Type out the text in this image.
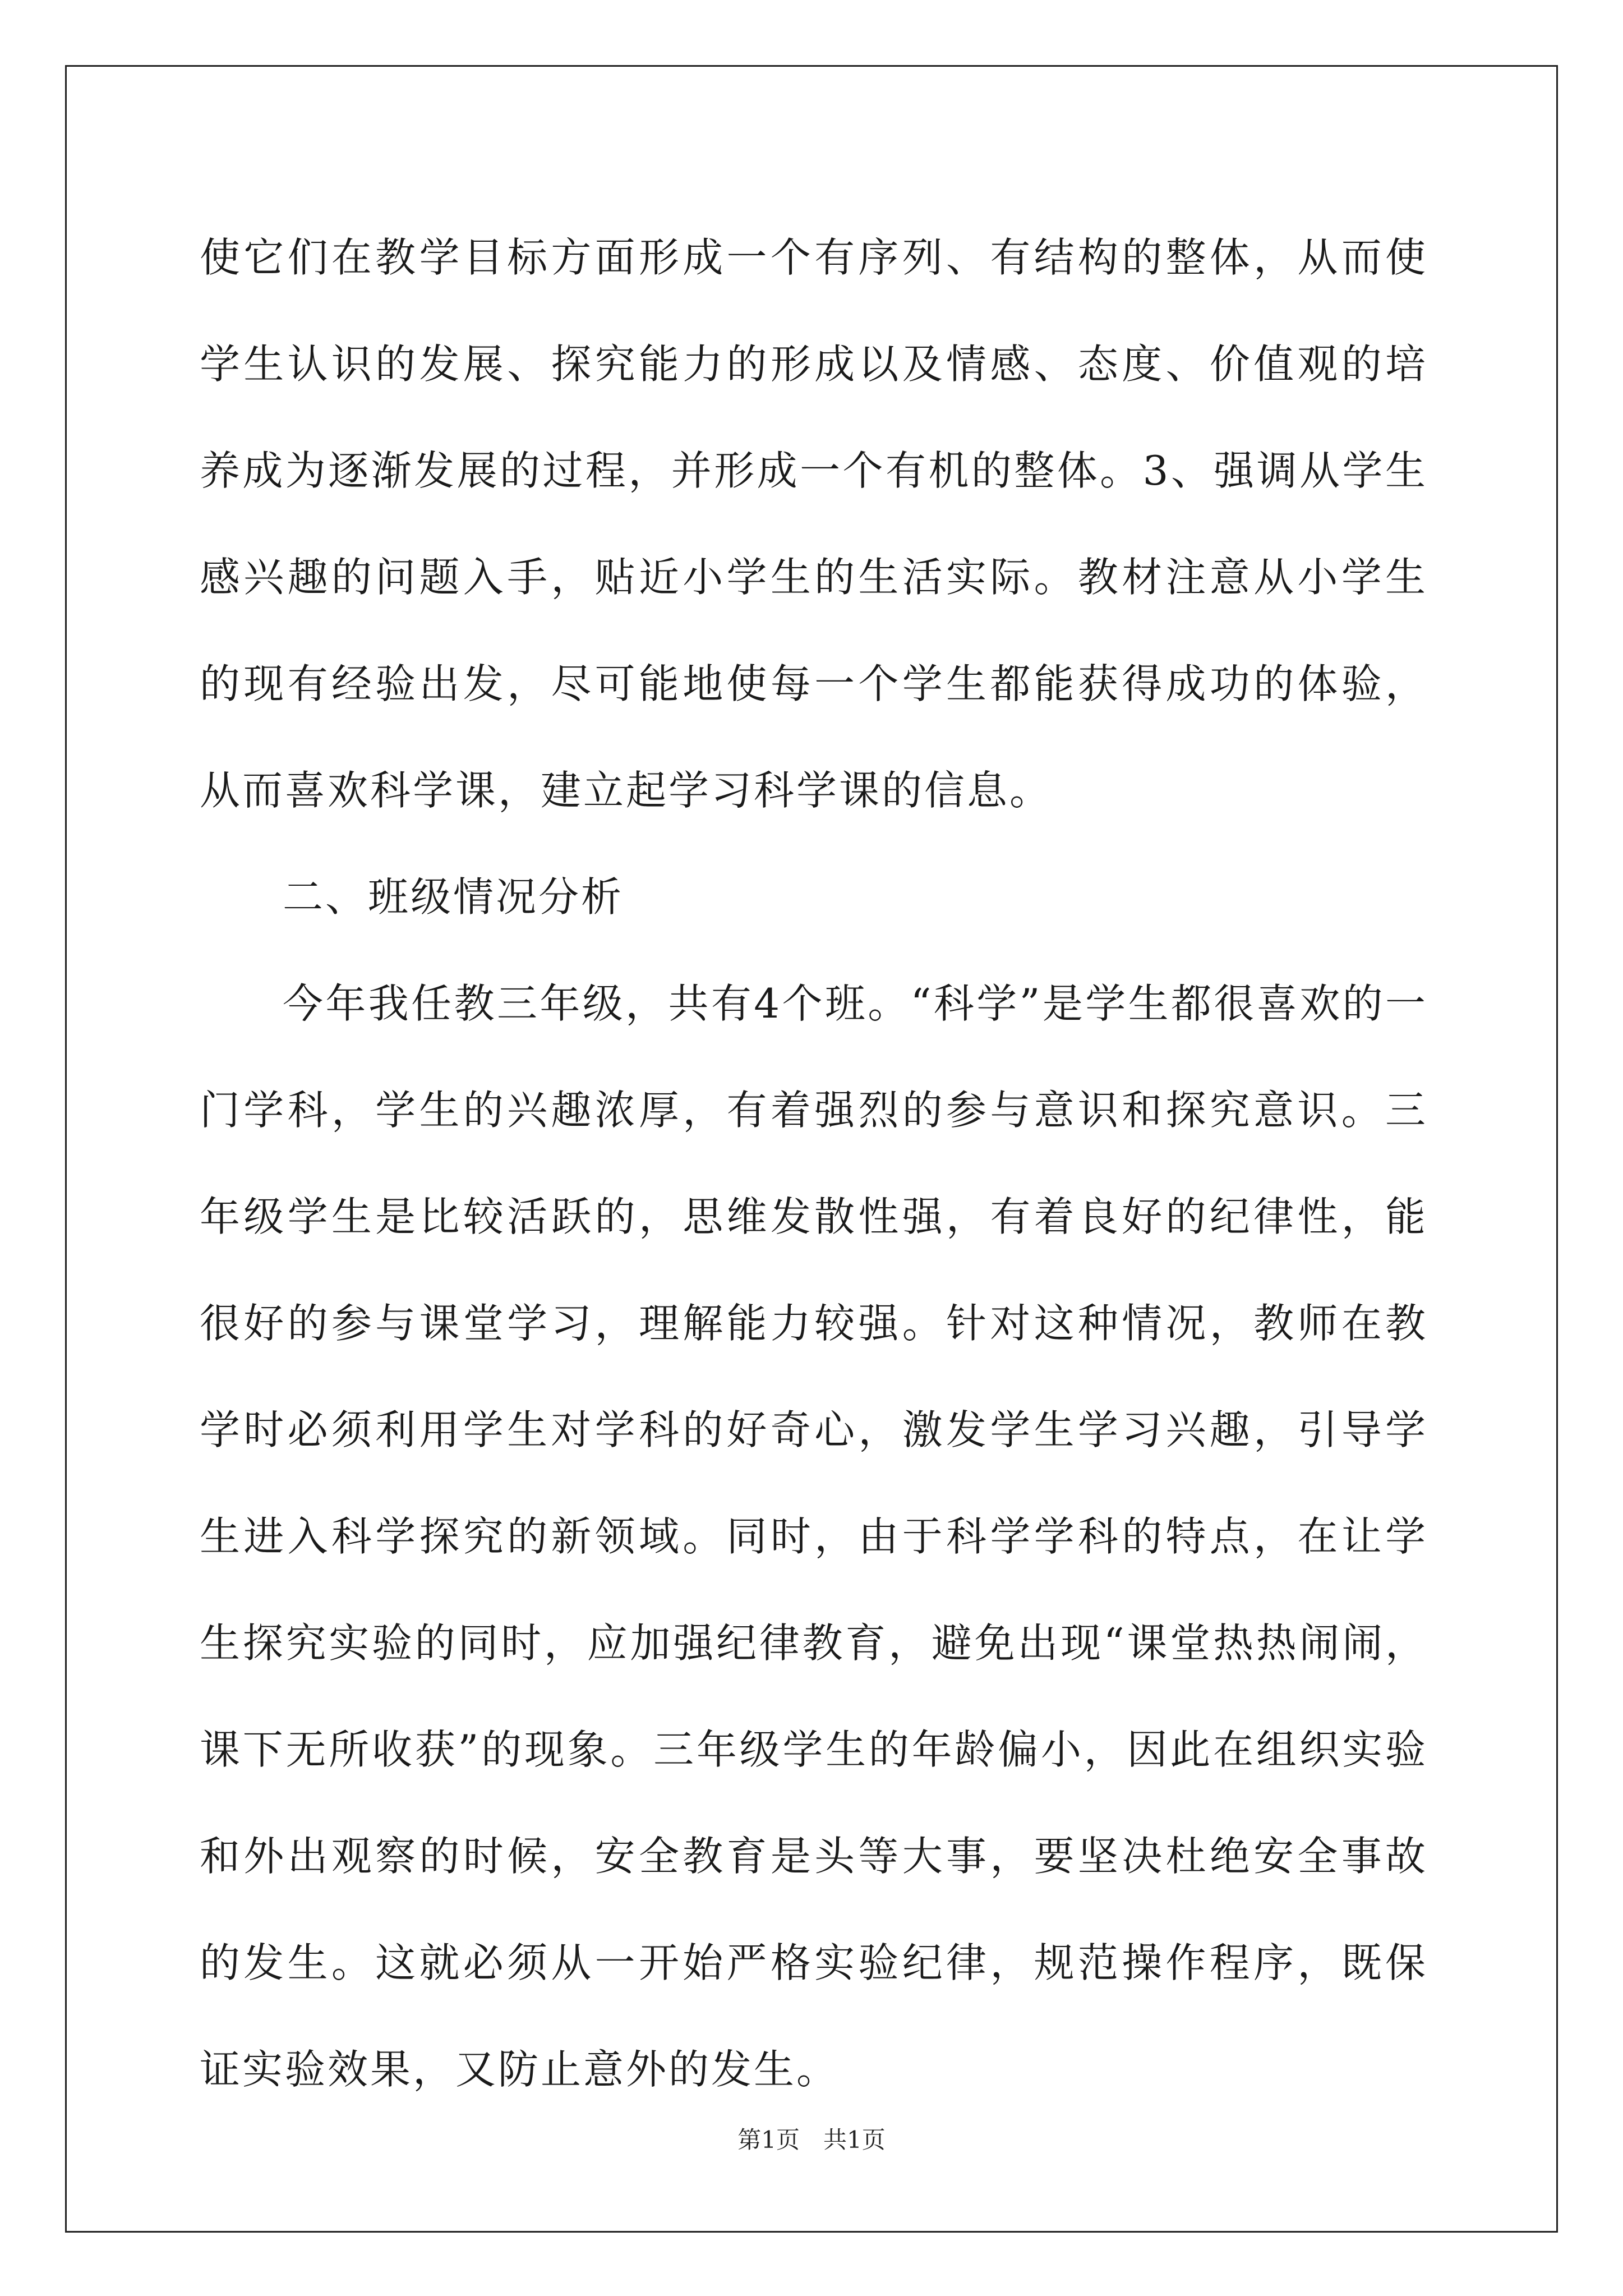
使它们在教学目标方面形成一个有序列、有结构的整体，从而使学生认识的发展、探究能力的形成以及情感、态度、价值观的培养成为逐渐发展的过程，并形成一个有机的整体。3、强调从学生感兴趣的问题入手，贴近小学生的生活实际。教材注意从小学生的现有经验出发，尽可能地使每一个学生都能获得成功的体验，从而喜欢科学课，建立起学习科学课的信息。

二、班级情况分析

今年我任教三年级，共有4个班。“科学”是学生都很喜欢的一门学科，学生的兴趣浓厚，有着强烈的参与意识和探究意识。三年级学生是比较活跃的，思维发散性强，有着良好的纪律性，能很好的参与课堂学习，理解能力较强。针对这种情况，教师在教学时必须利用学生对学科的好奇心，激发学生学习兴趣，引导学生进入科学探究的新领域。同时，由于科学学科的特点，在让学生探究实验的同时，应加强纪律教育，避免出现“课堂热热闹闹，课下无所收获”的现象。三年级学生的年龄偏小，因此在组织实验和外出观察的时候，安全教育是头等大事，要坚决杜绝安全事故的发生。这就必须从一开始严格实验纪律，规范操作程序，既保证实验效果，又防止意外的发生。

第1页　共1页
